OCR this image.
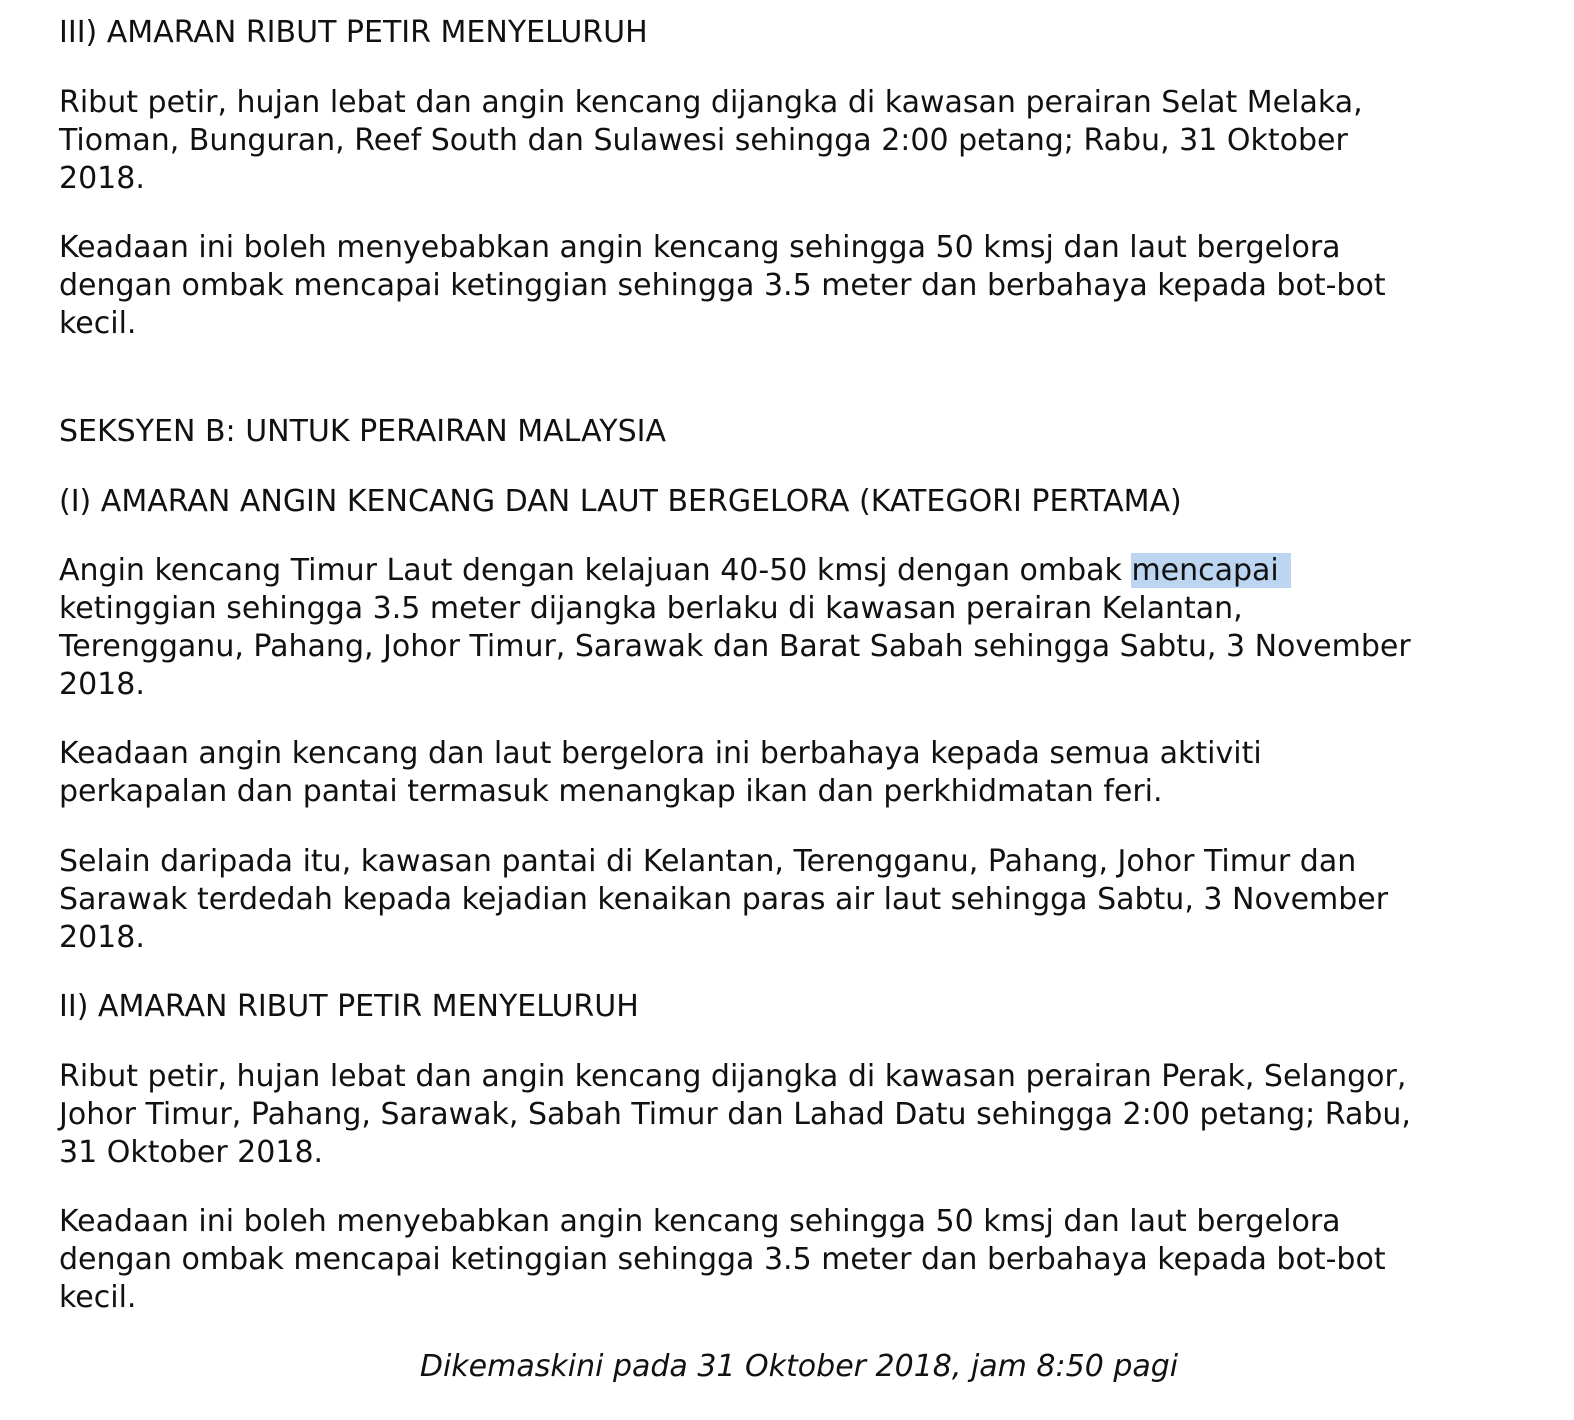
III) AMARAN RIBUT PETIR MENYELURUH
Ribut petir, hujan lebat dan angin kencang dijangka di kawasan perairan Selat Melaka,
Tioman, Bunguran, Reef South dan Sulawesi sehingga 2:00 petang; Rabu, 31 Oktober
2018.
Keadaan ini boleh menyebabkan angin kencang sehingga 50 kmsj dan laut bergelora
dengan ombak mencapai ketinggian sehingga 3.5 meter dan berbahaya kepada bot-bot
kecil.
SEKSYEN B: UNTUK PERAIRAN MALAYSIA
(I) AMARAN ANGIN KENCANG DAN LAUT BERGELORA (KATEGORI PERTAMA)
Angin kencang Timur Laut dengan kelajuan 40-50 kmsj dengan ombak mencapai
ketinggian sehingga 3.5 meter dijangka berlaku di kawasan perairan Kelantan,
Terengganu, Pahang, Johor Timur, Sarawak dan Barat Sabah sehingga Sabtu, 3 November
2018.
Keadaan angin kencang dan laut bergelora ini berbahaya kepada semua aktiviti
perkapalan dan pantai termasuk menangkap ikan dan perkhidmatan feri.
Selain daripada itu, kawasan pantai di Kelantan, Terengganu, Pahang, Johor Timur dan
Sarawak terdedah kepada kejadian kenaikan paras air laut sehingga Sabtu, 3 November
2018.
II) AMARAN RIBUT PETIR MENYELURUH
Ribut petir, hujan lebat dan angin kencang dijangka di kawasan perairan Perak, Selangor,
Johor Timur, Pahang, Sarawak, Sabah Timur dan Lahad Datu sehingga 2:00 petang; Rabu,
31 Oktober 2018.
Keadaan ini boleh menyebabkan angin kencang sehingga 50 kmsj dan laut bergelora
dengan ombak mencapai ketinggian sehingga 3.5 meter dan berbahaya kepada bot-bot
kecil.
Dikemaskini pada 31 Oktober 2018, jam 8:50 pagi
